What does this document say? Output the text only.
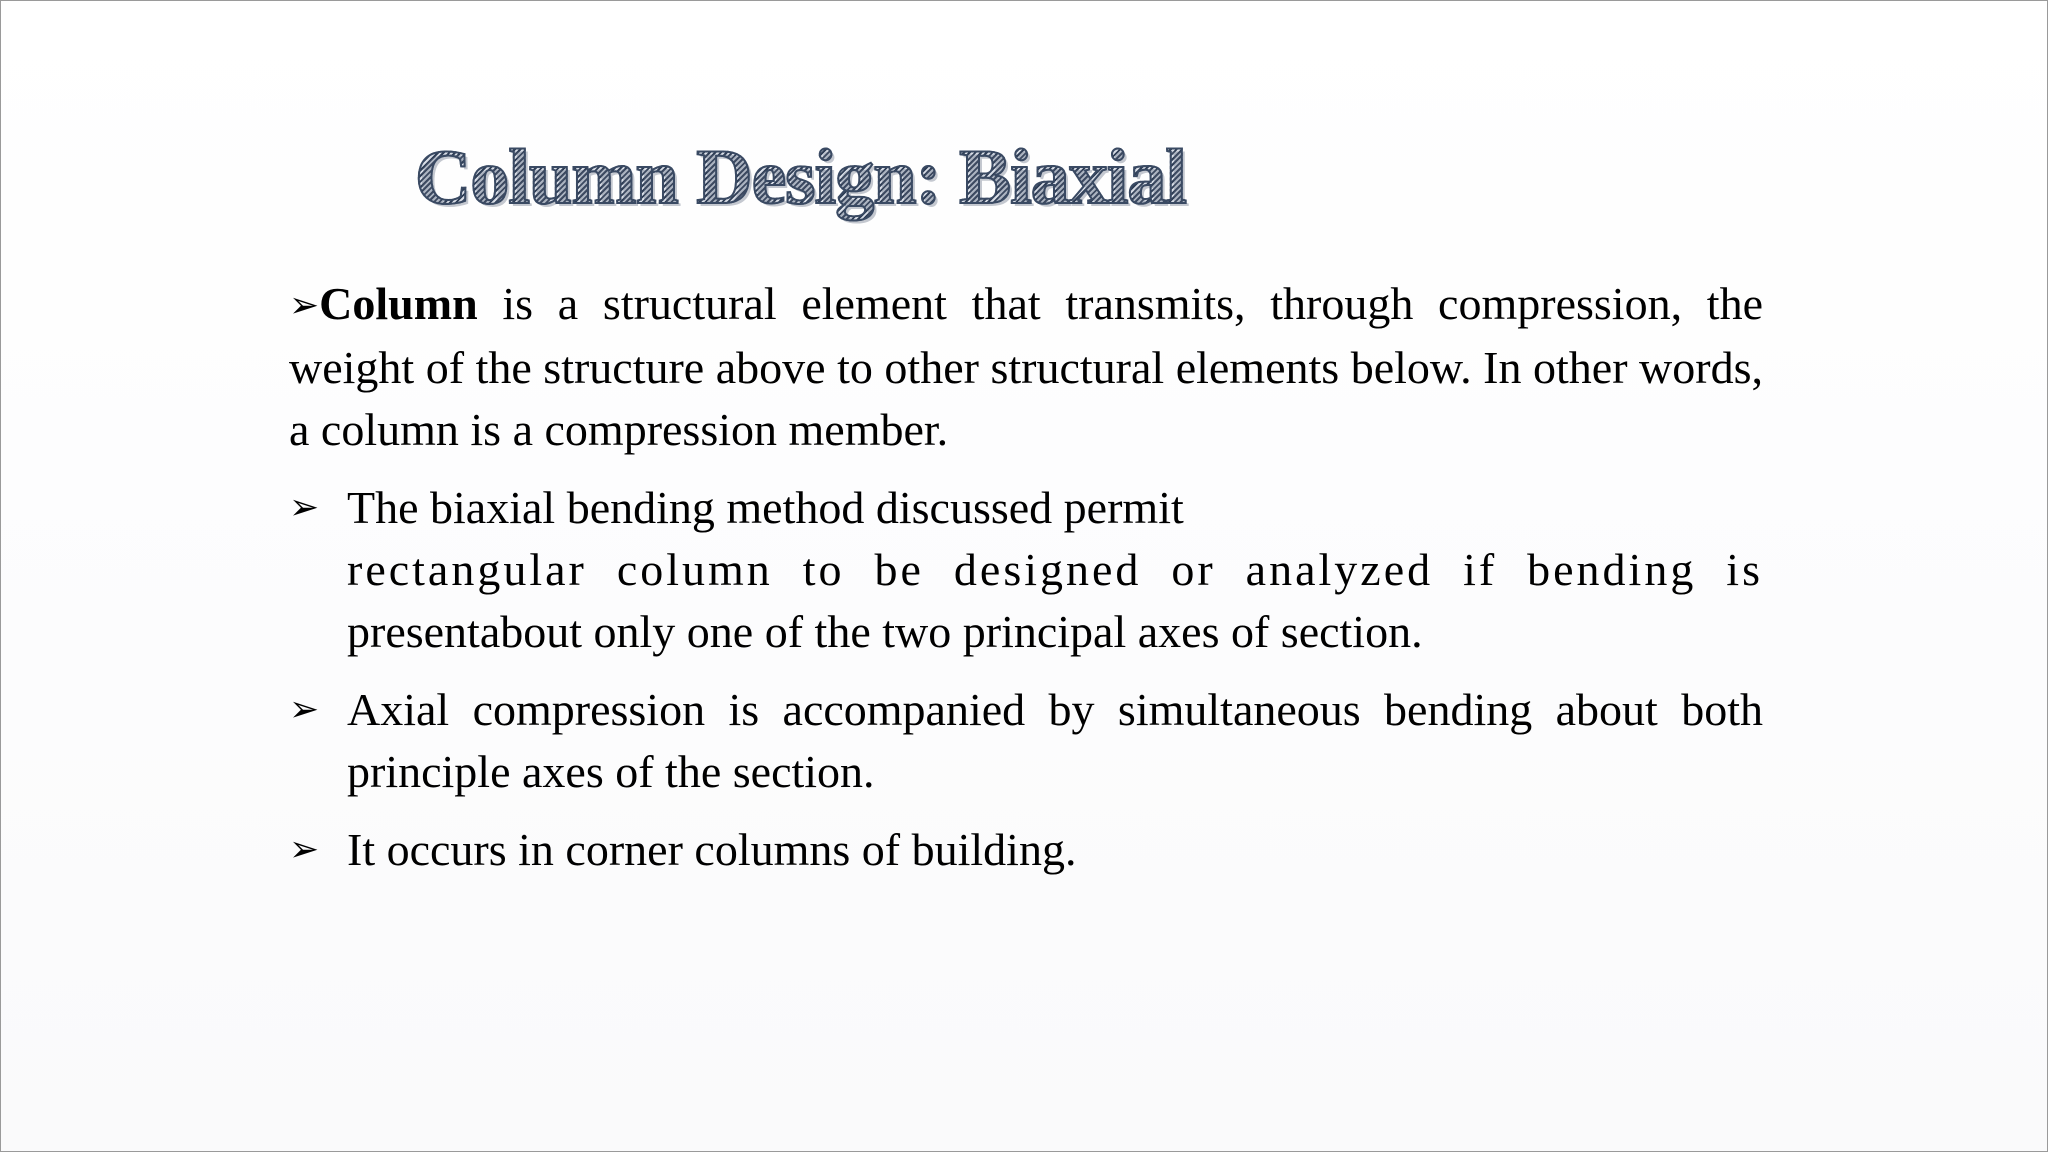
Column Design: Biaxial

➢Column is a structural element that transmits, through compression, the weight of the structure above to other structural elements below. In other words, a column is a compression member.

➢ The biaxial bending method discussed permit
rectangular column to be designed or analyzed if bending is
presentabout only one of the two principal axes of section.
➢ Axial compression is accompanied by simultaneous bending about both principle axes of the section.
➢ It occurs in corner columns of building.
